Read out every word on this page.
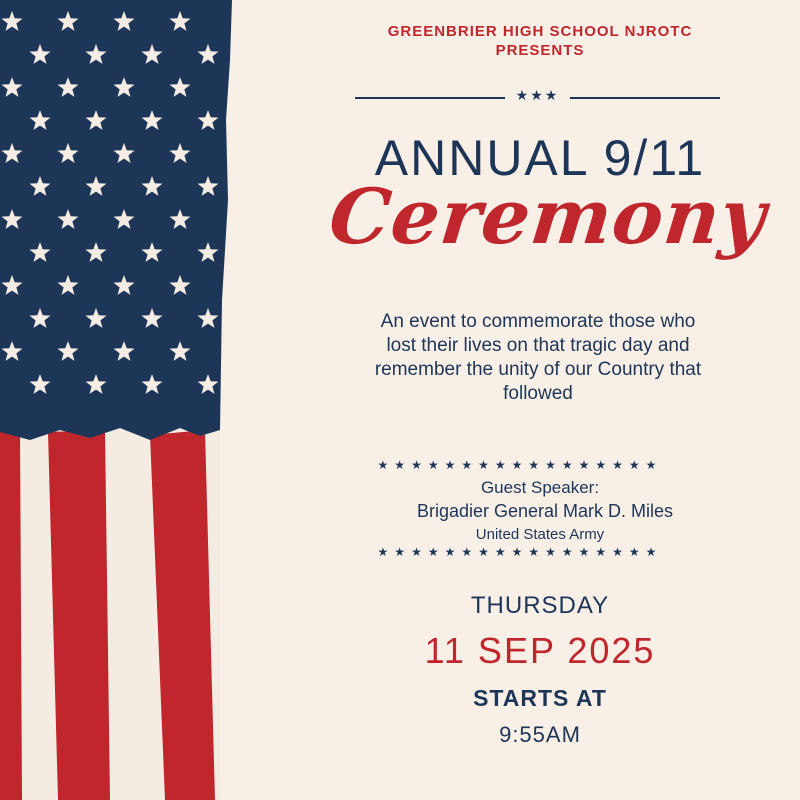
GREENBRIER HIGH SCHOOL NJROTC
PRESENTS
★★★
ANNUAL 9/11
Ceremony
An event to commemorate those who lost their lives on that tragic day and remember the unity of our Country that followed
★★★★★★★★★★★★★★★★★
Guest Speaker:
Brigadier General Mark D. Miles
United States Army
★★★★★★★★★★★★★★★★★
THURSDAY
11 SEP 2025
STARTS AT
9:55AM
